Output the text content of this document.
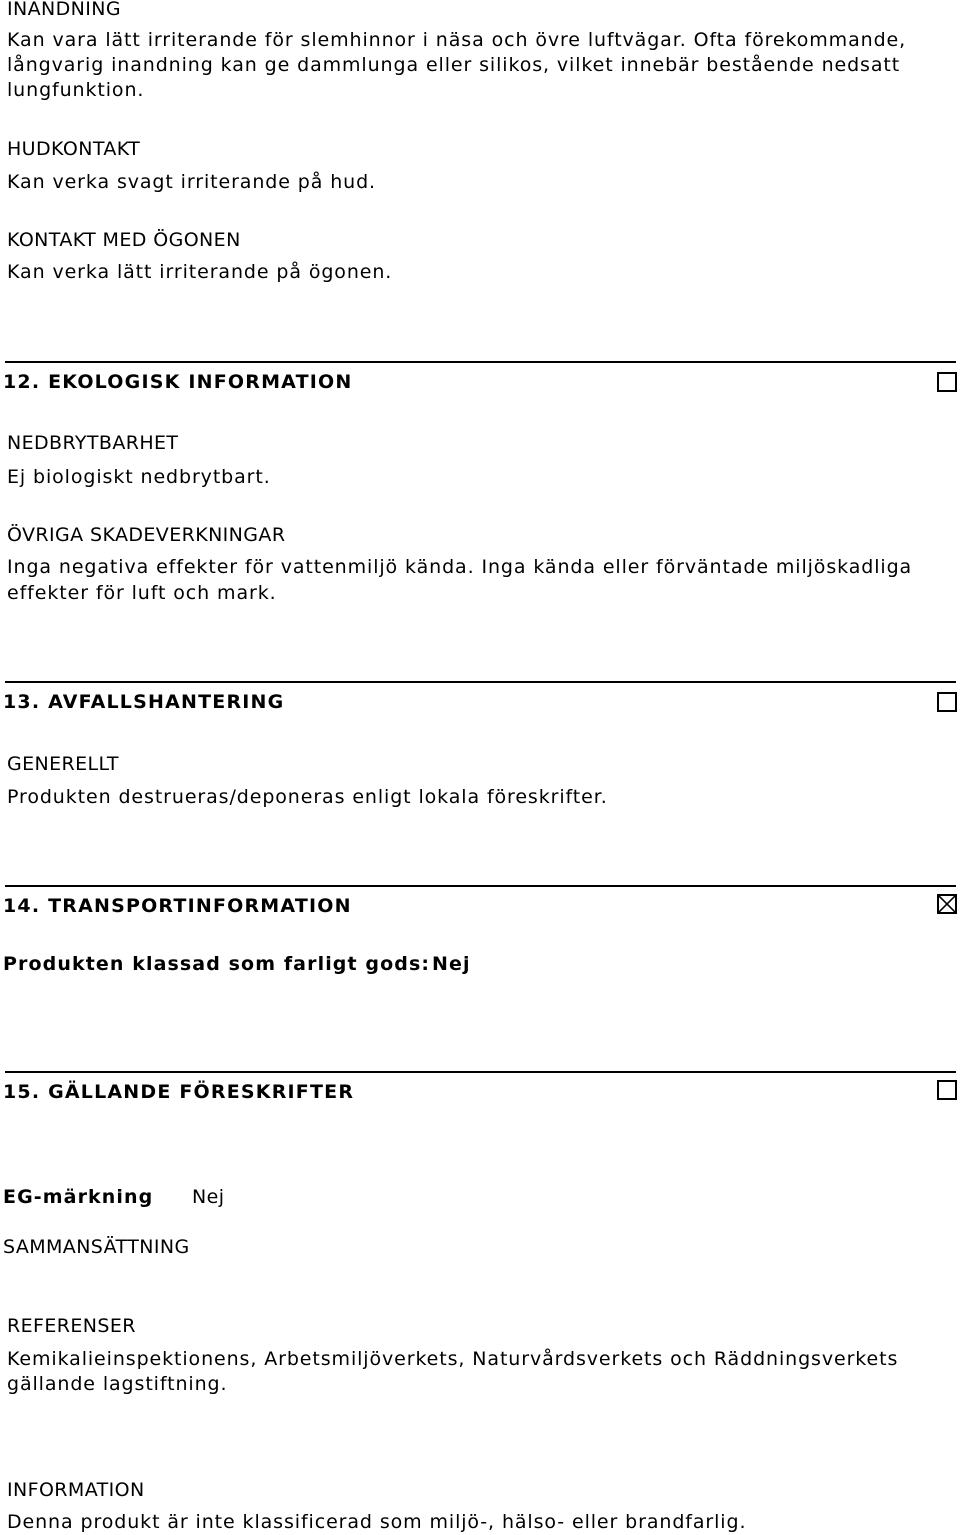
INANDNING
Kan vara lätt irriterande för slemhinnor i näsa och övre luftvägar. Ofta förekommande,
långvarig inandning kan ge dammlunga eller silikos, vilket innebär bestående nedsatt
lungfunktion.
HUDKONTAKT
Kan verka svagt irriterande på hud.
KONTAKT MED ÖGONEN
Kan verka lätt irriterande på ögonen.
12. EKOLOGISK INFORMATION
NEDBRYTBARHET
Ej biologiskt nedbrytbart.
ÖVRIGA SKADEVERKNINGAR
Inga negativa effekter för vattenmiljö kända. Inga kända eller förväntade miljöskadliga
effekter för luft och mark.
13. AVFALLSHANTERING
GENERELLT
Produkten destrueras/deponeras enligt lokala föreskrifter.
14. TRANSPORTINFORMATION
Produkten klassad som farligt gods: Nej
15. GÄLLANDE FÖRESKRIFTER
EG-märkning Nej
SAMMANSÄTTNING
REFERENSER
Kemikalieinspektionens, Arbetsmiljöverkets, Naturvårdsverkets och Räddningsverkets
gällande lagstiftning.
INFORMATION
Denna produkt är inte klassificerad som miljö-, hälso- eller brandfarlig.
